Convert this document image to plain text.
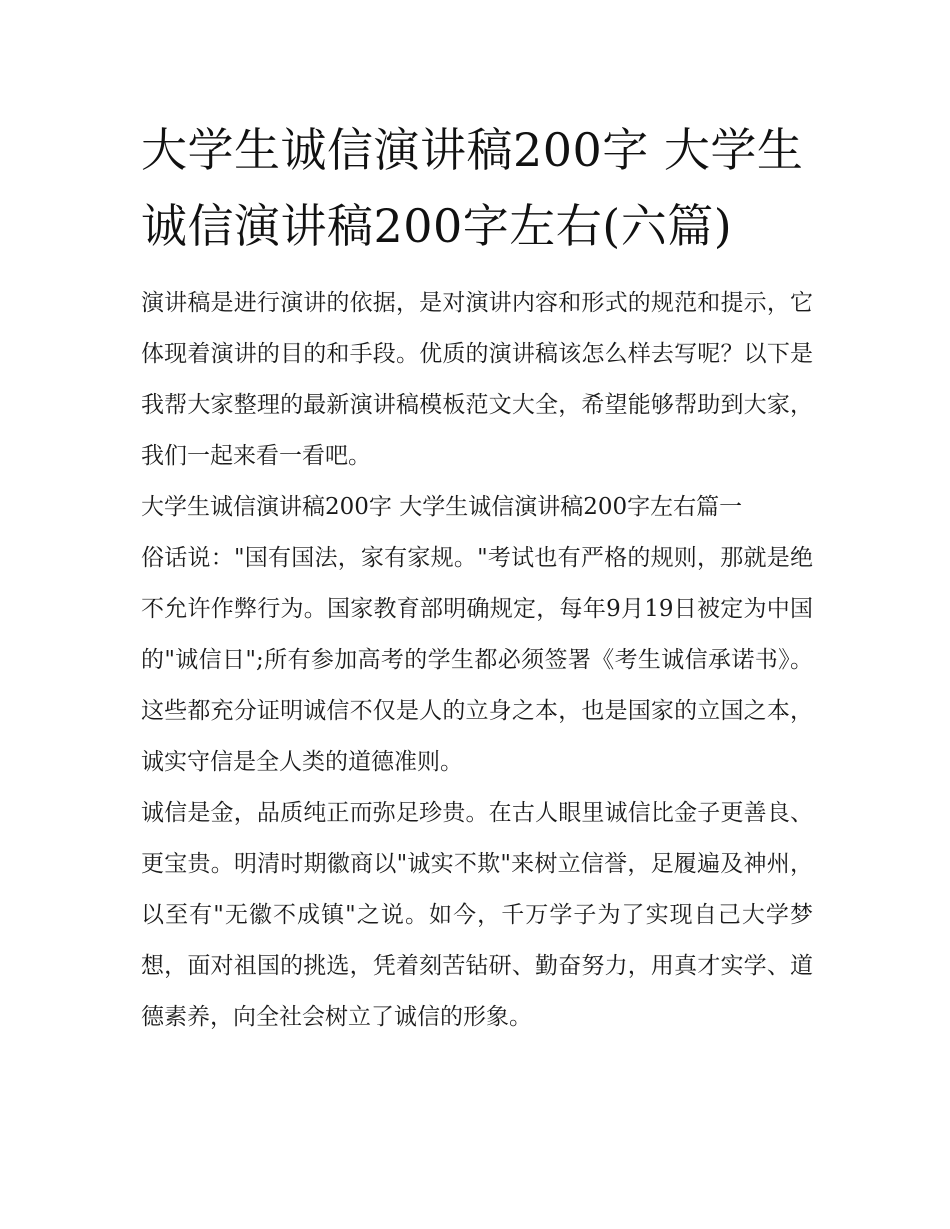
大学生诚信演讲稿200字 大学生诚信演讲稿200字左右(六篇)

演讲稿是进行演讲的依据，是对演讲内容和形式的规范和提示，它体现着演讲的目的和手段。优质的演讲稿该怎么样去写呢？以下是我帮大家整理的最新演讲稿模板范文大全，希望能够帮助到大家，我们一起来看一看吧。

大学生诚信演讲稿200字 大学生诚信演讲稿200字左右篇一

俗话说："国有国法，家有家规。"考试也有严格的规则，那就是绝不允许作弊行为。国家教育部明确规定，每年9月19日被定为中国的"诚信日";所有参加高考的学生都必须签署《考生诚信承诺书》。这些都充分证明诚信不仅是人的立身之本，也是国家的立国之本，诚实守信是全人类的道德准则。

诚信是金，品质纯正而弥足珍贵。在古人眼里诚信比金子更善良、更宝贵。明清时期徽商以"诚实不欺"来树立信誉，足履遍及神州，以至有"无徽不成镇"之说。如今，千万学子为了实现自己大学梦想，面对祖国的挑选，凭着刻苦钻研、勤奋努力，用真才实学、道德素养，向全社会树立了诚信的形象。
